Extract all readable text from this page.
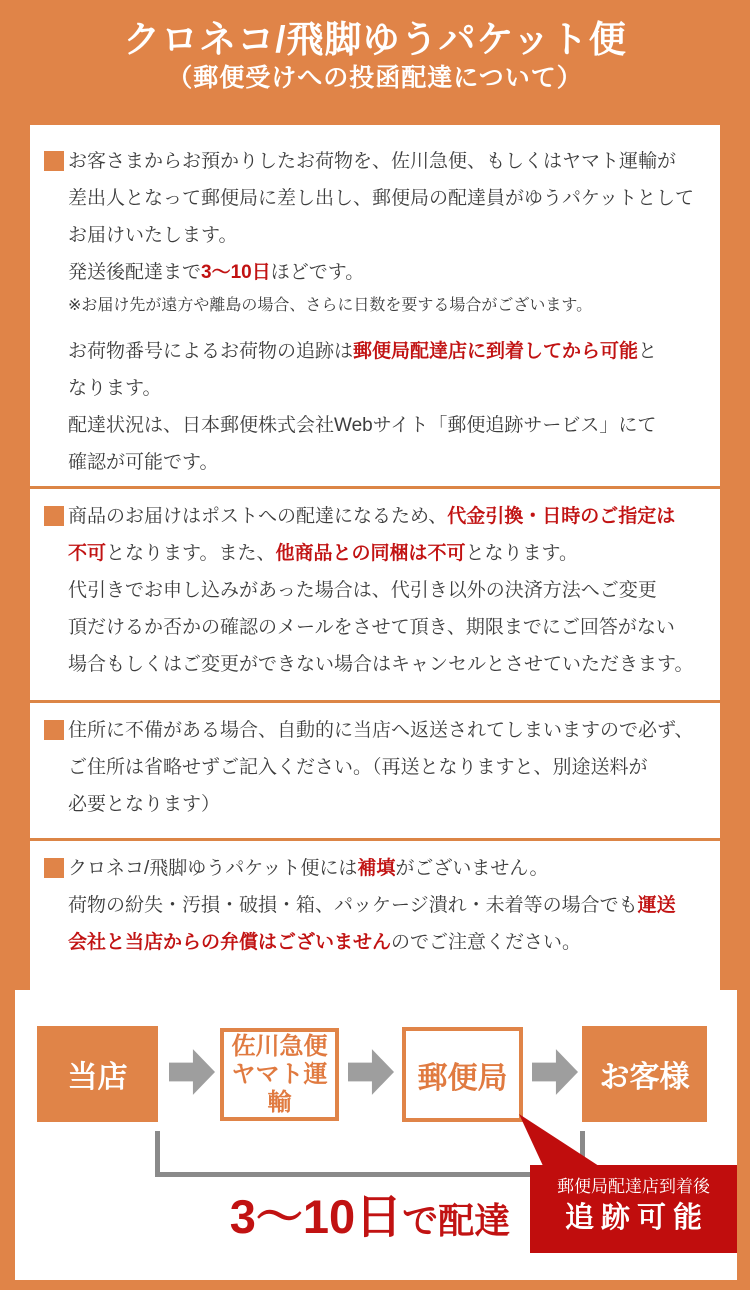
クロネコ/飛脚ゆうパケット便
（郵便受けへの投函配達について）
お客さまからお預かりしたお荷物を、佐川急便、もしくはヤマト運輸が
差出人となって郵便局に差し出し、郵便局の配達員がゆうパケットとして
お届けいたします。
発送後配達まで3〜10日ほどです。
※お届け先が遠方や離島の場合、さらに日数を要する場合がございます。
お荷物番号によるお荷物の追跡は郵便局配達店に到着してから可能と
なります。
配達状況は、日本郵便株式会社Webサイト「郵便追跡サービス」にて
確認が可能です。
商品のお届けはポストへの配達になるため、代金引換・日時のご指定は
不可となります。また、他商品との同梱は不可となります。
代引きでお申し込みがあった場合は、代引き以外の決済方法へご変更
頂だけるか否かの確認のメールをさせて頂き、期限までにご回答がない
場合もしくはご変更ができない場合はキャンセルとさせていただきます。
住所に不備がある場合、自動的に当店へ返送されてしまいますので必ず、
ご住所は省略せずご記入ください。（再送となりますと、別途送料が
必要となります）
クロネコ/飛脚ゆうパケット便には補填がございません。
荷物の紛失・汚損・破損・箱、パッケージ潰れ・未着等の場合でも運送
会社と当店からの弁償はございませんのでご注意ください。
当店
佐川急便
ヤマト運輸
郵便局	お客様
3〜10日で配達
郵便局配達店到着後
追跡可能
